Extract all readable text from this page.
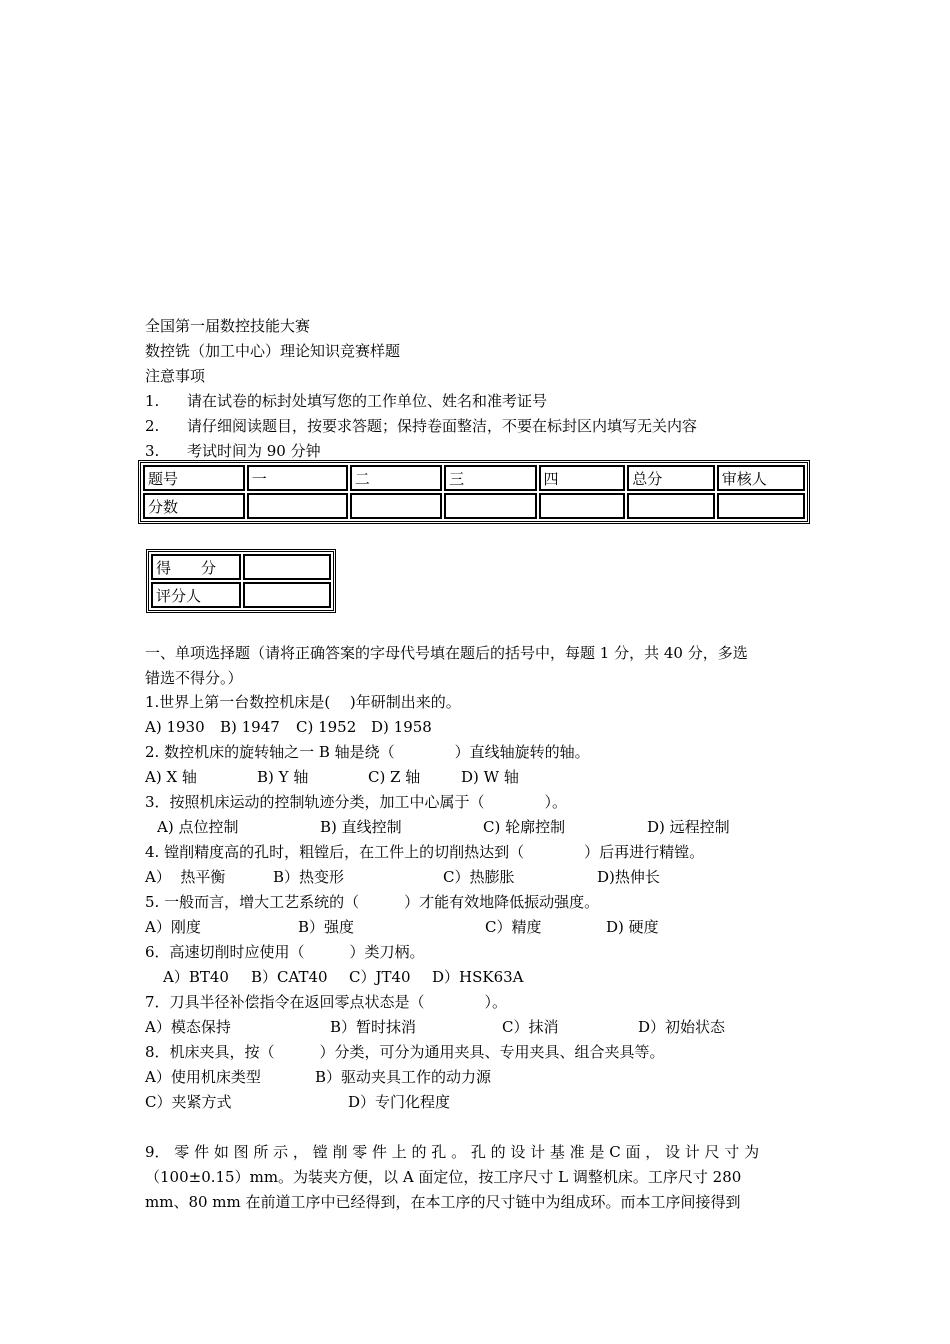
全国第一届数控技能大赛
数控铣（加工中心）理论知识竞赛样题
注意事项
1. 请在试卷的标封处填写您的工作单位、姓名和准考证号
2. 请仔细阅读题目，按要求答题；保持卷面整洁，不要在标封区内填写无关内容
3. 考试时间为 90 分钟
题号	一	二	三	四	总分	审核人
分数						
得　　分	
评分人	
一、单项选择题（请将正确答案的字母代号填在题后的括号中，每题 1 分，共 40 分，多选
错选不得分。）
1.世界上第一台数控机床是(　 )年研制出来的。
A) 1930 B) 1947 C) 1952 D) 1958
2. 数控机床的旋转轴之一 B 轴是绕（　　　　）直线轴旋转的轴。
A) X 轴	B) Y 轴	C) Z 轴	D) W 轴
3．按照机床运动的控制轨迹分类，加工中心属于（　　　　）。
A) 点位控制	B) 直线控制	C) 轮廓控制	D) 远程控制
4. 镗削精度高的孔时，粗镗后，在工件上的切削热达到（　　　　）后再进行精镗。
A）  热平衡	B）热变形	C）热膨胀	D)热伸长
5. 一般而言，增大工艺系统的（　　　）才能有效地降低振动强度。
A）刚度	B）强度	C）精度	D) 硬度
6．高速切削时应使用（　　　）类刀柄。
A）BT40 B）CAT40 C）JT40 D）HSK63A
7．刀具半径补偿指令在返回零点状态是（　　　　）。
A）模态保持	B）暂时抹消	C）抹消	D）初始状态
8．机床夹具，按（　　　）分类，可分为通用夹具、专用夹具、组合夹具等。
A）使用机床类型	B）驱动夹具工作的动力源
C）夹紧方式	D）专门化程度
9． 零 件 如 图 所 示 ， 镗 削 零 件 上 的 孔 。 孔 的 设 计 基 准 是 C 面 ， 设 计 尺 寸 为
（100±0.15）mm。为装夹方便，以 A 面定位，按工序尺寸 L 调整机床。工序尺寸 280
mm、80 mm 在前道工序中已经得到，在本工序的尺寸链中为组成环。而本工序间接得到
